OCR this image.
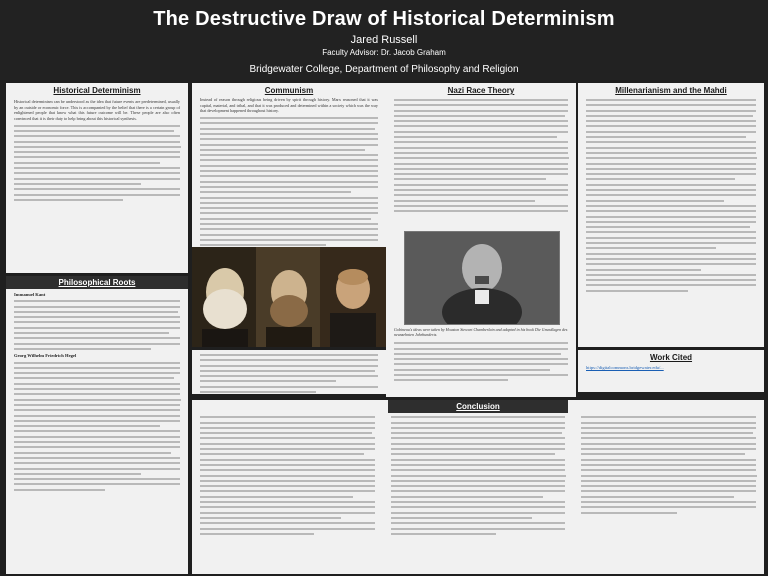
The Destructive Draw of Historical Determinism
Jared Russell
Faculty Advisor: Dr. Jacob Graham
Bridgewater College, Department of Philosophy and Religion
Historical Determinism
Historical determinism can be understood as the idea that future events are predetermined, usually by an outside or economic force. This is accompanied by the belief that there is a certain group of enlightened people that know what this future outcome will be. These people are also often convinced that it is their duty to help bring about this historical synthesis.
Philosophical Roots
Immanuel Kant
Georg Wilhelm Friedrich Hegel
Communism
Instead of reason through religious being driven by spirit through history. Marx reasoned that it was capital, material, and tribal, and that it was produced and determined within a society which was the way that development happened throughout history.
Nazi Race Theory
Gobineau's ideas were taken by Houston Stewart Chamberlain and adapted in his book Die Grundlagen des neunzehnten Jahrhunderts.
Millenarianism and the Mahdi
Work Cited
https://digitalcommons.bridgewater.edu/...
Conclusion
